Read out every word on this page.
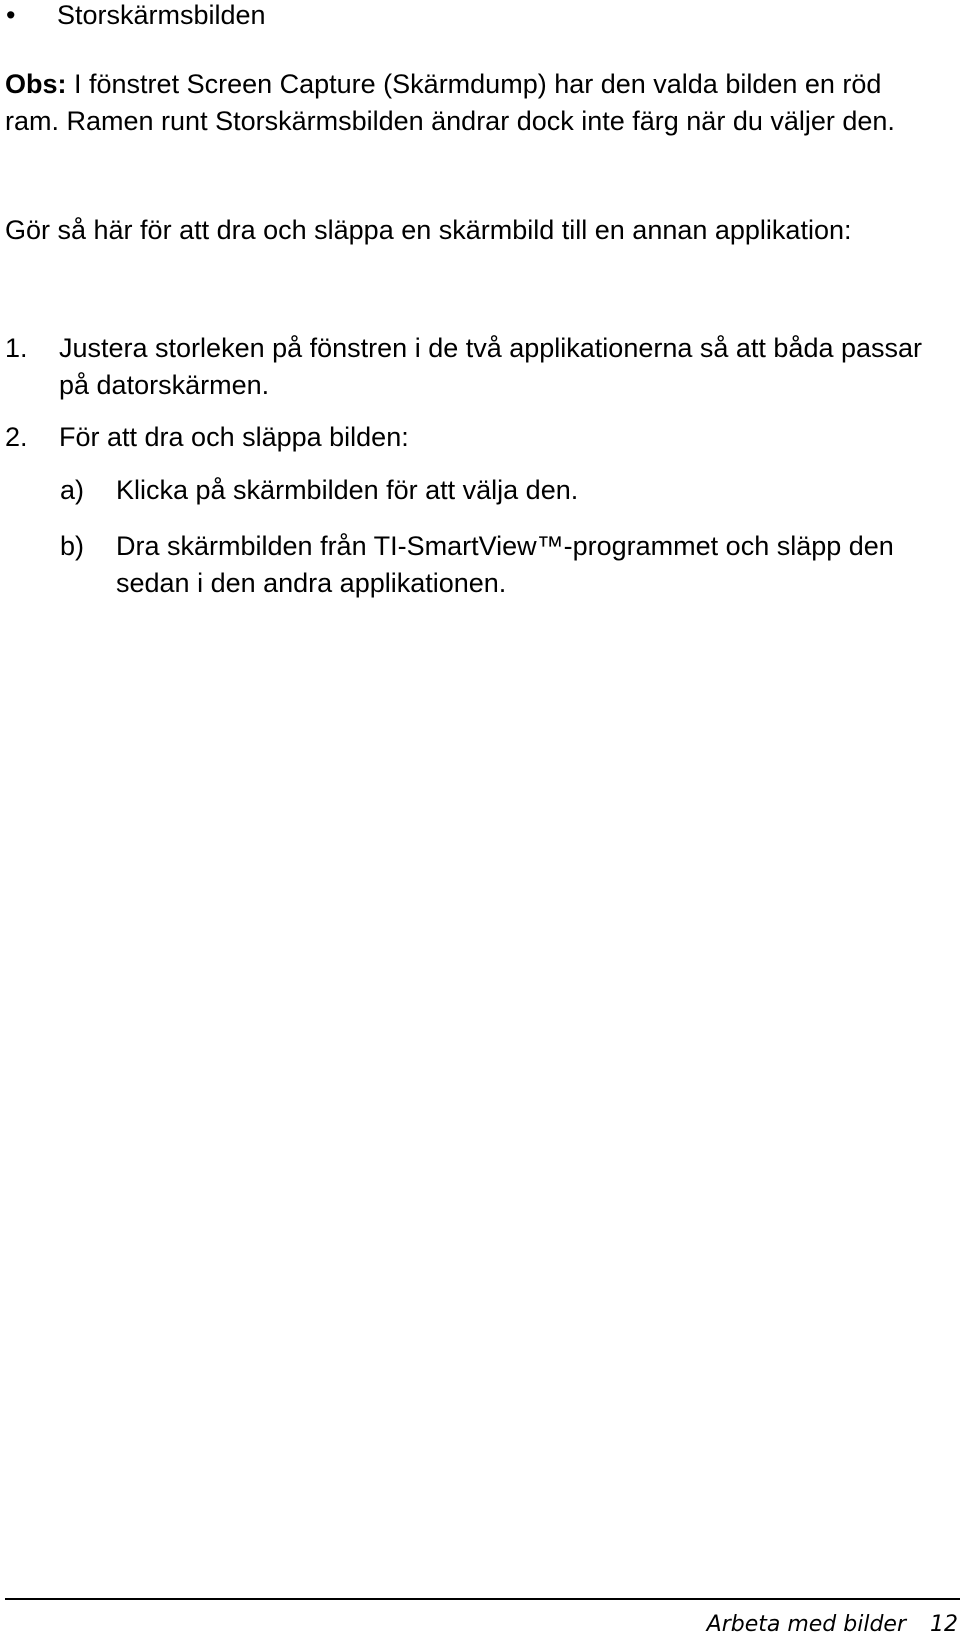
•	Storskärmsbilden

Obs: I fönstret Screen Capture (Skärmdump) har den valda bilden en röd ram. Ramen runt Storskärmsbilden ändrar dock inte färg när du väljer den.

Gör så här för att dra och släppa en skärmbild till en annan applikation:

1.	Justera storleken på fönstren i de två applikationerna så att båda passar på datorskärmen.
2.	För att dra och släppa bilden:
a)	Klicka på skärmbilden för att välja den.
b)	Dra skärmbilden från TI-SmartView™-programmet och släpp den sedan i den andra applikationen.
Arbeta med bilder 12
